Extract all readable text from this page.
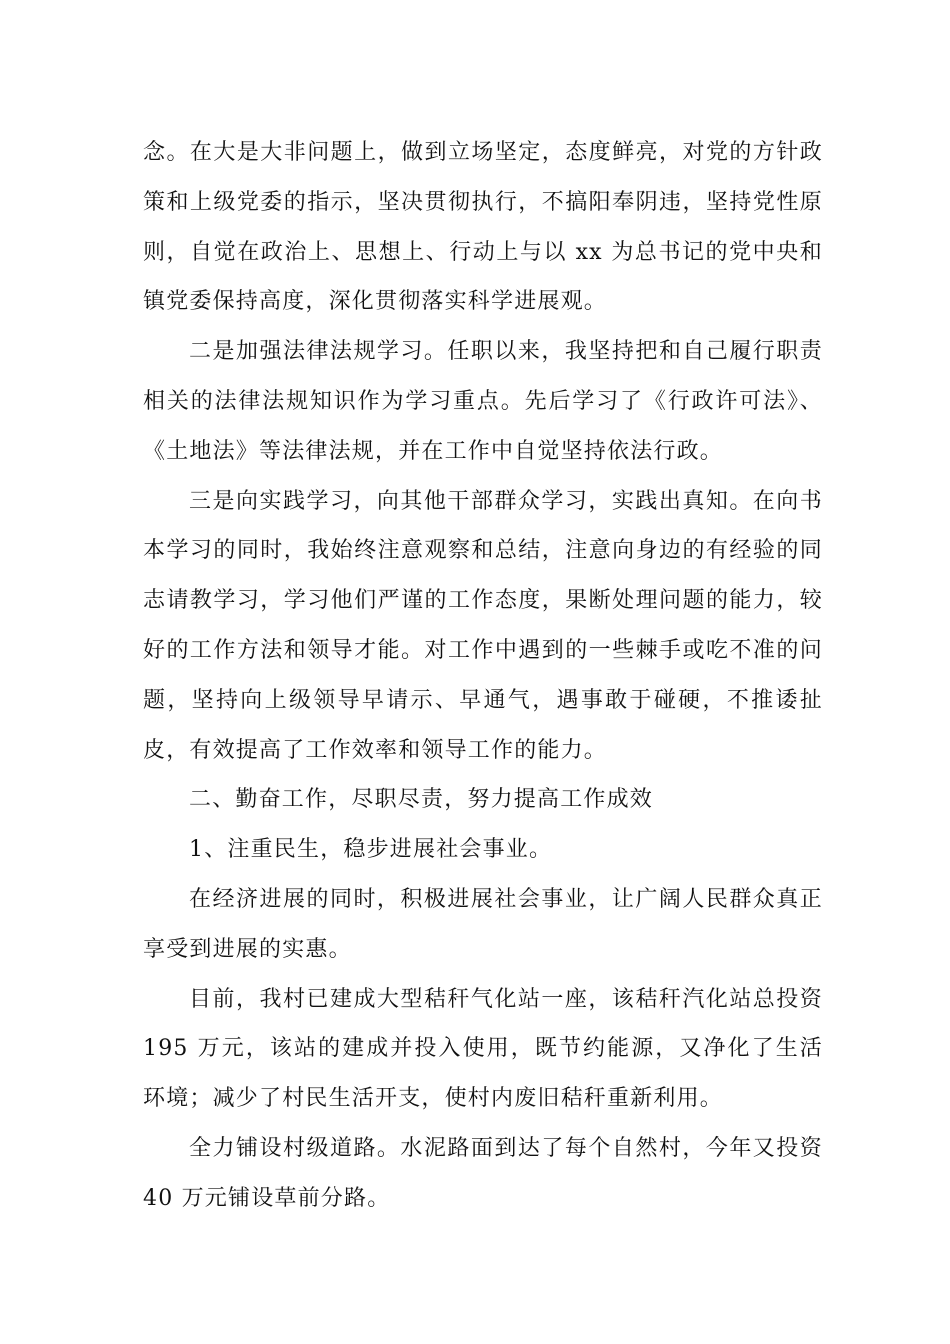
念。在大是大非问题上，做到立场坚定，态度鲜亮，对党的方针政策和上级党委的指示，坚决贯彻执行，不搞阳奉阴违，坚持党性原则，自觉在政治上、思想上、行动上与以 xx 为总书记的党中央和镇党委保持高度，深化贯彻落实科学进展观。

二是加强法律法规学习。任职以来，我坚持把和自己履行职责相关的法律法规知识作为学习重点。先后学习了《行政许可法》、《土地法》等法律法规，并在工作中自觉坚持依法行政。

三是向实践学习，向其他干部群众学习，实践出真知。在向书本学习的同时，我始终注意观察和总结，注意向身边的有经验的同志请教学习，学习他们严谨的工作态度，果断处理问题的能力，较好的工作方法和领导才能。对工作中遇到的一些棘手或吃不准的问题，坚持向上级领导早请示、早通气，遇事敢于碰硬，不推诿扯皮，有效提高了工作效率和领导工作的能力。

二、勤奋工作，尽职尽责，努力提高工作成效

1、注重民生，稳步进展社会事业。

在经济进展的同时，积极进展社会事业，让广阔人民群众真正享受到进展的实惠。

目前，我村已建成大型秸秆气化站一座，该秸秆汽化站总投资 195 万元，该站的建成并投入使用，既节约能源，又净化了生活环境；减少了村民生活开支，使村内废旧秸秆重新利用。

全力铺设村级道路。水泥路面到达了每个自然村，今年又投资 40 万元铺设草前分路。
